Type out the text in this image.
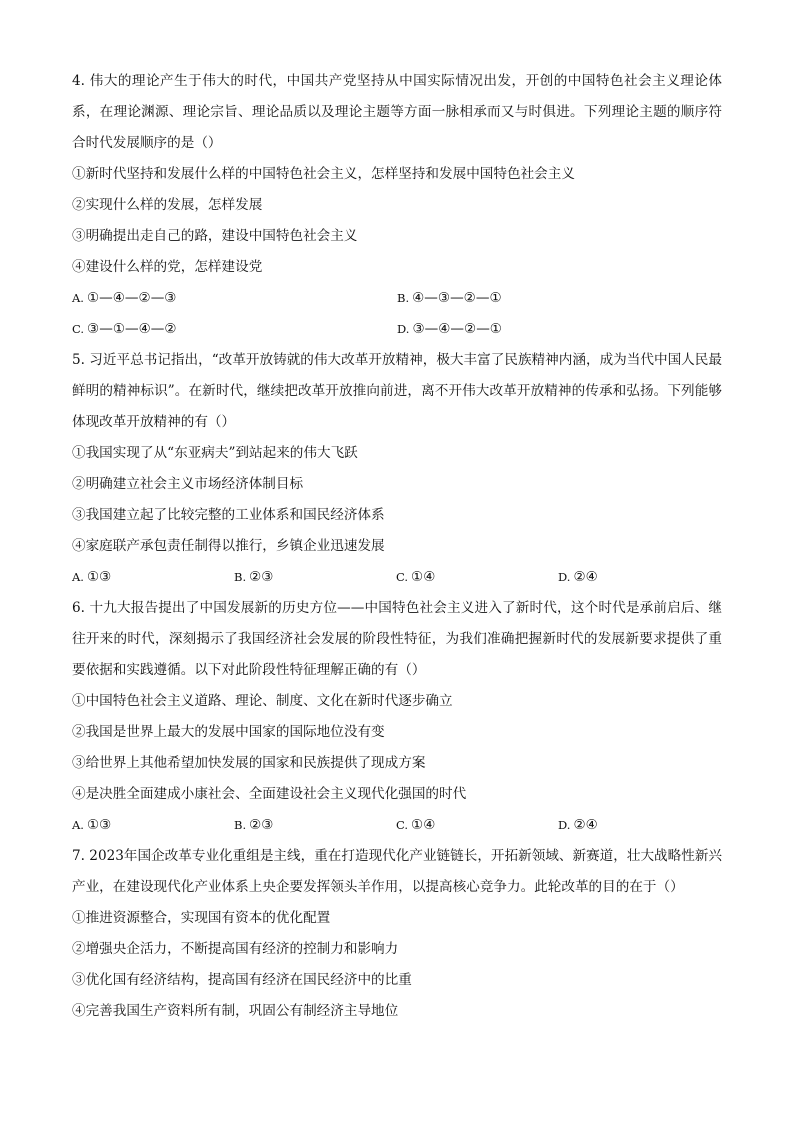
4. 伟大的理论产生于伟大的时代，中国共产党坚持从中国实际情况出发，开创的中国特色社会主义理论体系，在理论渊源、理论宗旨、理论品质以及理论主题等方面一脉相承而又与时俱进。下列理论主题的顺序符合时代发展顺序的是（）

①新时代坚持和发展什么样的中国特色社会主义，怎样坚持和发展中国特色社会主义

②实现什么样的发展，怎样发展

③明确提出走自己的路，建设中国特色社会主义

④建设什么样的党，怎样建设党

A. ①—④—②—③	B. ④—③—②—①
C. ③—①—④—②	D. ③—④—②—①

5. 习近平总书记指出，“改革开放铸就的伟大改革开放精神，极大丰富了民族精神内涵，成为当代中国人民最鲜明的精神标识”。在新时代，继续把改革开放推向前进，离不开伟大改革开放精神的传承和弘扬。下列能够体现改革开放精神的有（）

①我国实现了从“东亚病夫”到站起来的伟大飞跃

②明确建立社会主义市场经济体制目标

③我国建立起了比较完整的工业体系和国民经济体系

④家庭联产承包责任制得以推行，乡镇企业迅速发展

A. ①③	B. ②③	C. ①④	D. ②④

6. 十九大报告提出了中国发展新的历史方位——中国特色社会主义进入了新时代，这个时代是承前启后、继往开来的时代，深刻揭示了我国经济社会发展的阶段性特征，为我们准确把握新时代的发展新要求提供了重要依据和实践遵循。以下对此阶段性特征理解正确的有（）

①中国特色社会主义道路、理论、制度、文化在新时代逐步确立

②我国是世界上最大的发展中国家的国际地位没有变

③给世界上其他希望加快发展的国家和民族提供了现成方案

④是决胜全面建成小康社会、全面建设社会主义现代化强国的时代

A. ①③	B. ②③	C. ①④	D. ②④

7. 2023年国企改革专业化重组是主线，重在打造现代化产业链链长，开拓新领域、新赛道，壮大战略性新兴产业，在建设现代化产业体系上央企要发挥领头羊作用，以提高核心竞争力。此轮改革的目的在于（）

①推进资源整合，实现国有资本的优化配置

②增强央企活力，不断提高国有经济的控制力和影响力

③优化国有经济结构，提高国有经济在国民经济中的比重

④完善我国生产资料所有制，巩固公有制经济主导地位
